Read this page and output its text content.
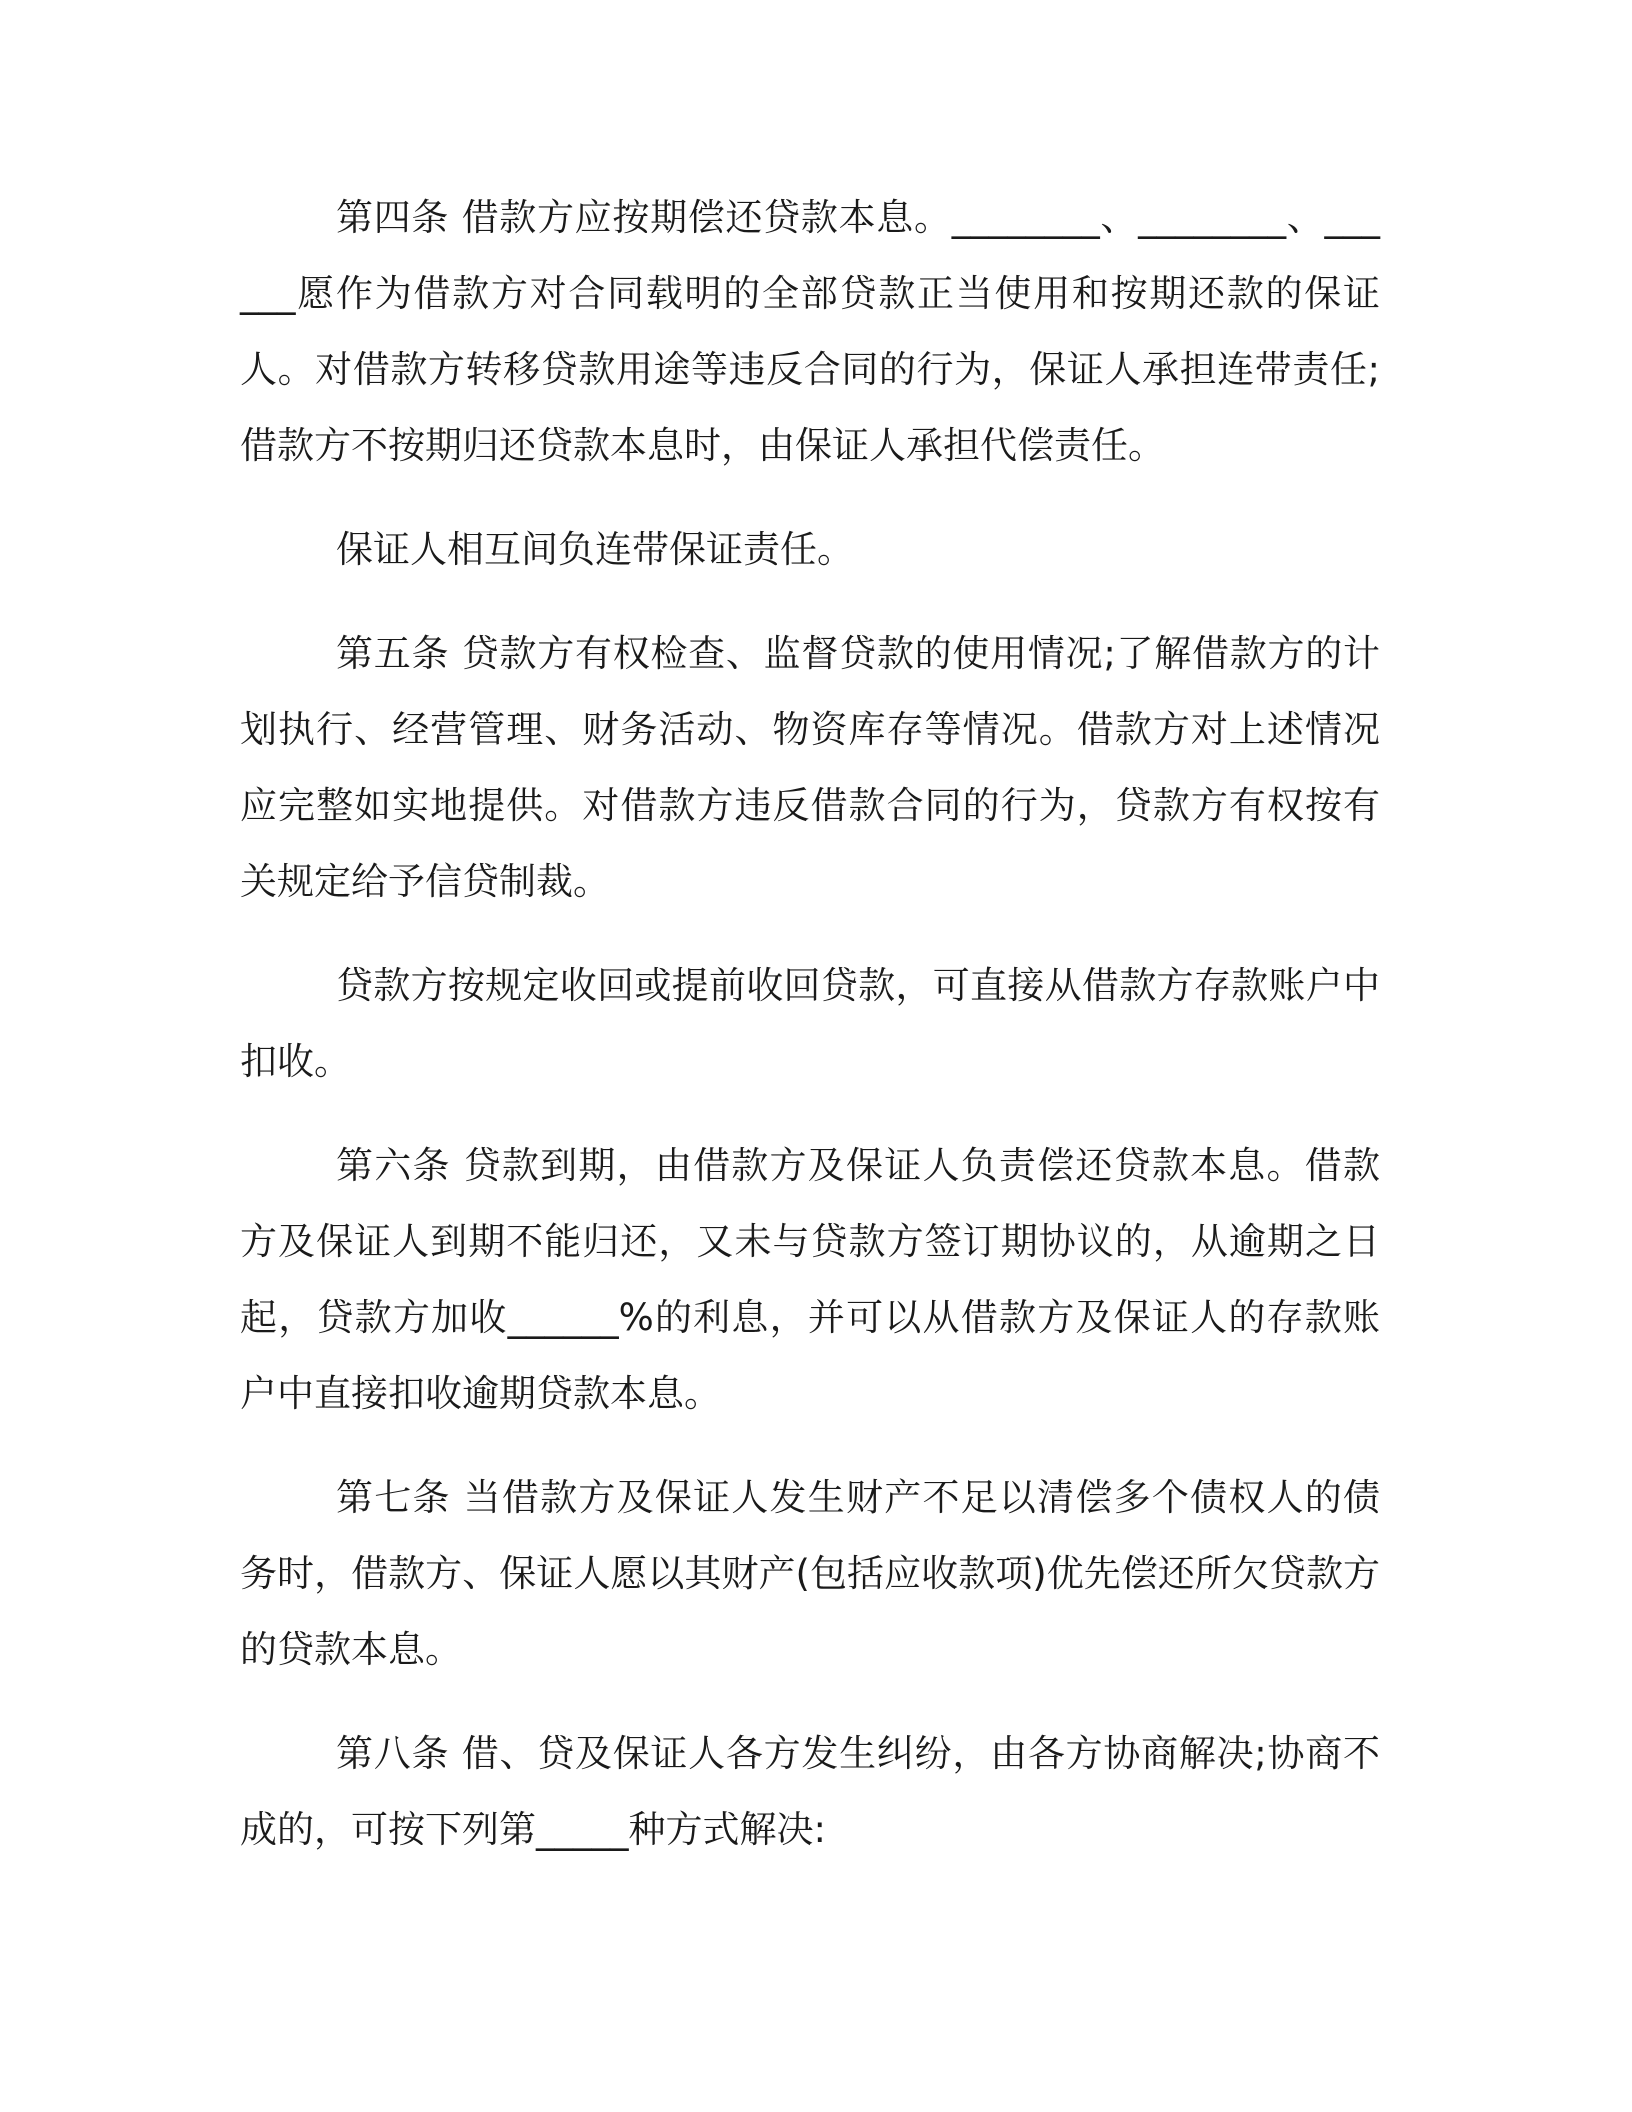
第四条 借款方应按期偿还贷款本息。________、________、______愿作为借款方对合同载明的全部贷款正当使用和按期还款的保证人。对借款方转移贷款用途等违反合同的行为，保证人承担连带责任;借款方不按期归还贷款本息时，由保证人承担代偿责任。

保证人相互间负连带保证责任。

第五条 贷款方有权检查、监督贷款的使用情况;了解借款方的计划执行、经营管理、财务活动、物资库存等情况。借款方对上述情况应完整如实地提供。对借款方违反借款合同的行为，贷款方有权按有关规定给予信贷制裁。

贷款方按规定收回或提前收回贷款，可直接从借款方存款账户中扣收。

第六条 贷款到期，由借款方及保证人负责偿还贷款本息。借款方及保证人到期不能归还，又未与贷款方签订期协议的，从逾期之日起，贷款方加收______%的利息，并可以从借款方及保证人的存款账户中直接扣收逾期贷款本息。

第七条 当借款方及保证人发生财产不足以清偿多个债权人的债务时，借款方、保证人愿以其财产(包括应收款项)优先偿还所欠贷款方的贷款本息。

第八条 借、贷及保证人各方发生纠纷，由各方协商解决;协商不成的，可按下列第_____种方式解决:
